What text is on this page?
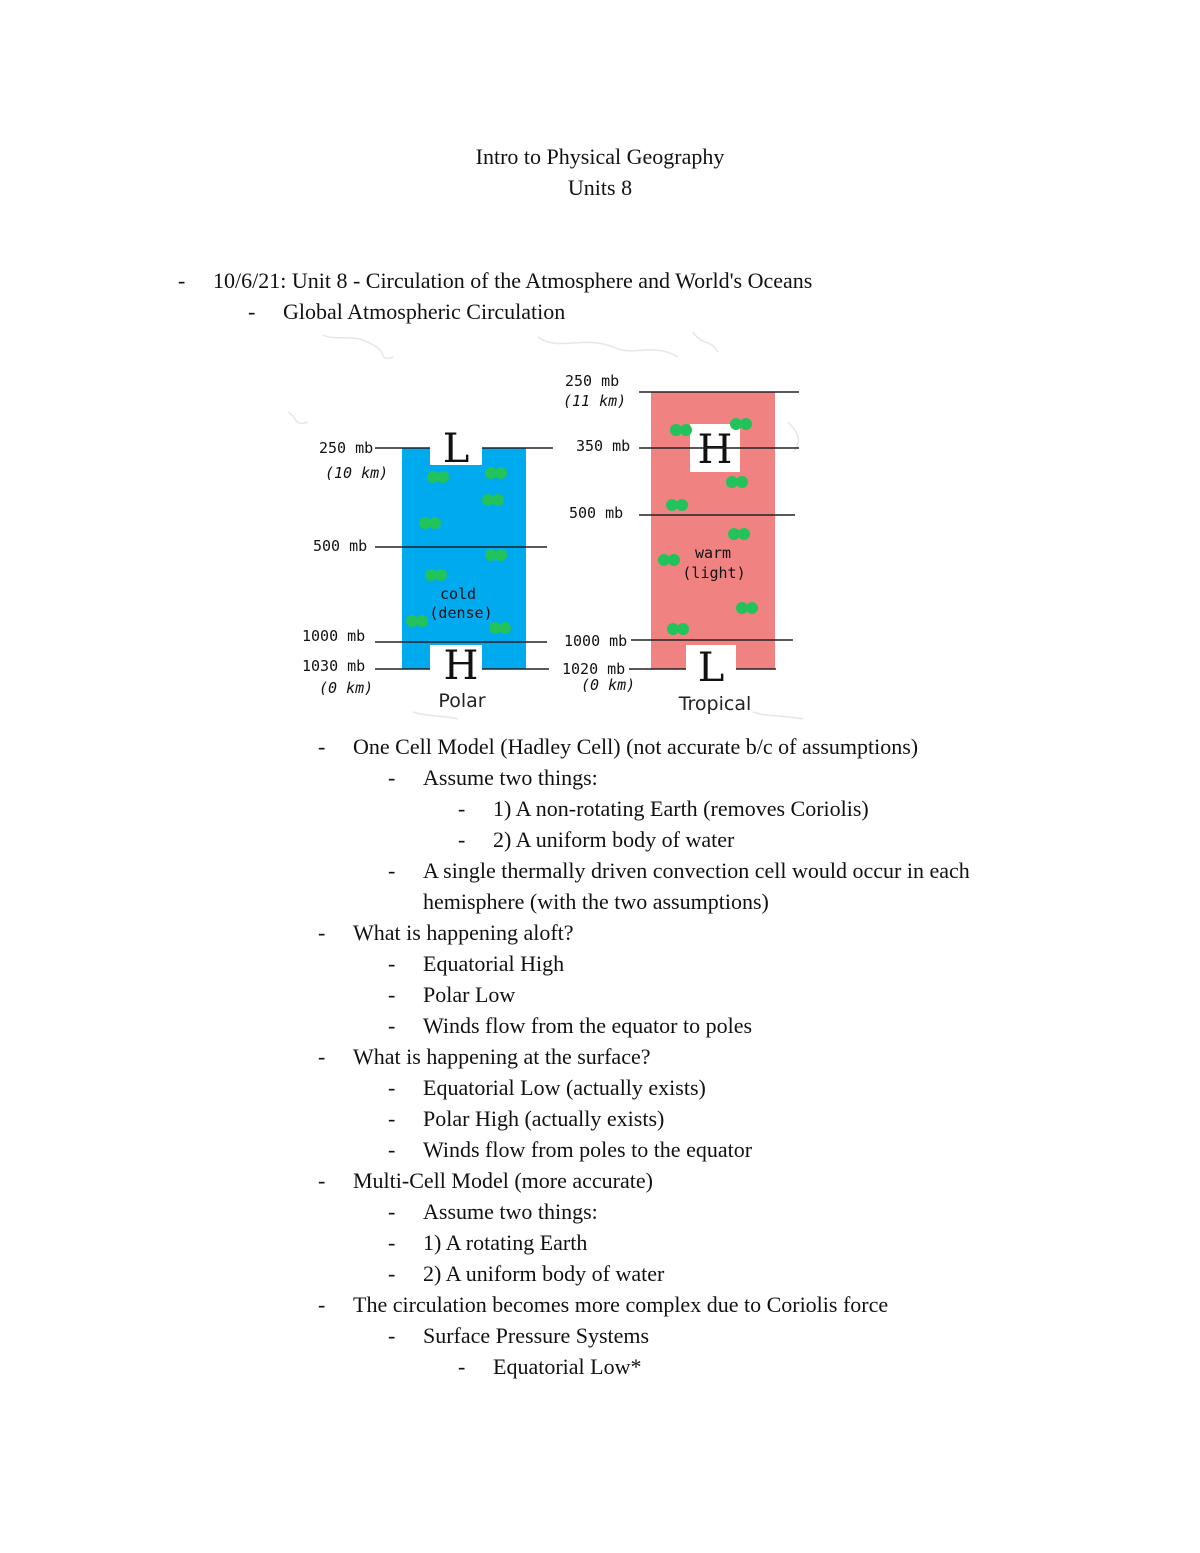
Intro to Physical Geography
Units 8
- 10/6/21: Unit 8 - Circulation of the Atmosphere and World's Oceans
- Global Atmospheric Circulation
- One Cell Model (Hadley Cell) (not accurate b/c of assumptions)
- Assume two things:
- 1) A non-rotating Earth (removes Coriolis)
- 2) A uniform body of water
- A single thermally driven convection cell would occur in each
hemisphere (with the two assumptions)
- What is happening aloft?
- Equatorial High
- Polar Low
- Winds flow from the equator to poles
- What is happening at the surface?
- Equatorial Low (actually exists)
- Polar High (actually exists)
- Winds flow from poles to the equator
- Multi-Cell Model (more accurate)
- Assume two things:
- 1) A rotating Earth
- 2) A uniform body of water
- The circulation becomes more complex due to Coriolis force
- Surface Pressure Systems
- Equatorial Low*
L
H
H
L
250 mb
(10 km)
500 mb
1000 mb
1030 mb
(0 km)
cold
(dense)
Polar
250 mb
(11 km)
350 mb
500 mb
1000 mb
1020 mb
(0 km)
warm
(light)
Tropical
